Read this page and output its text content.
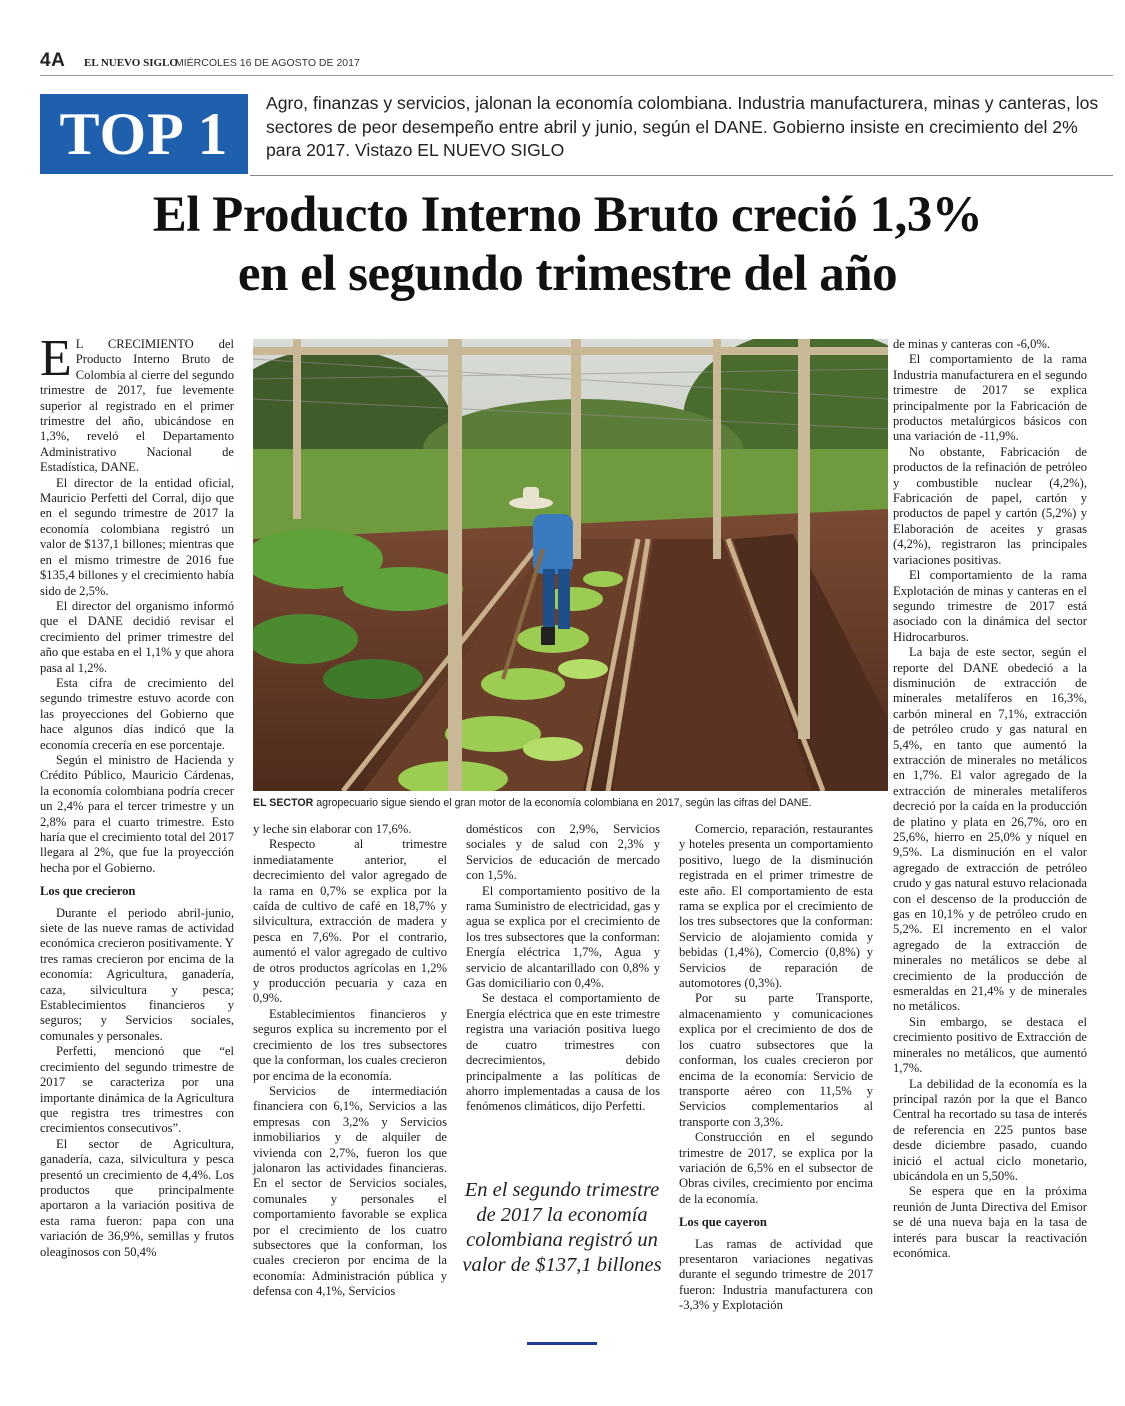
4A EL NUEVO SIGLO
MIÉRCOLES 16 DE AGOSTO DE 2017
TOP 1	Agro, finanzas y servicios, jalonan la economía colombiana. Industria manufacturera, minas y canteras, los sectores de peor desempeño entre abril y junio, según el DANE. Gobierno insiste en crecimiento del 2% para 2017. Vistazo EL NUEVO SIGLO
El Producto Interno Bruto creció 1,3%
en el segundo trimestre del año

E L CRECIMIENTO del Producto Interno Bruto de Colombia al cierre del segundo trimestre de 2017, fue levemente superior al registrado en el primer trimestre del año, ubicándose en 1,3%, reveló el Departamento Administrativo Nacional de Estadística, DANE.

El director de la entidad oficial, Mauricio Perfetti del Corral, dijo que en el segundo trimestre de 2017 la economía colombiana registró un valor de $137,1 billones; mientras que en el mismo trimestre de 2016 fue $135,4 billones y el crecimiento había sido de 2,5%.

El director del organismo informó que el DANE decidió revisar el crecimiento del primer trimestre del año que estaba en el 1,1% y que ahora pasa al 1,2%.

Esta cifra de crecimiento del segundo trimestre estuvo acorde con las proyecciones del Gobierno que hace algunos días indicó que la economía crecería en ese porcentaje.

Según el ministro de Hacienda y Crédito Público, Mauricio Cárdenas, la economía colombiana podría crecer un 2,4% para el tercer trimestre y un 2,8% para el cuarto trimestre. Esto haría que el crecimiento total del 2017 llegara al 2%, que fue la proyección hecha por el Gobierno.

Los que crecieron

Durante el periodo abril-junio, siete de las nueve ramas de actividad económica crecieron positivamente. Y tres ramas crecieron por encima de la economía: Agricultura, ganadería, caza, silvicultura y pesca; Establecimientos financieros y seguros; y Servicios sociales, comunales y personales.

Perfetti, mencionó que “el crecimiento del segundo trimestre de 2017 se caracteriza por una importante dinámica de la Agricultura que registra tres trimestres con crecimientos consecutivos”.

El sector de Agricultura, ganadería, caza, silvicultura y pesca presentó un crecimiento de 4,4%. Los productos que principalmente aportaron a la variación positiva de esta rama fueron: papa con una variación de 36,9%, semillas y frutos oleaginosos con 50,4%

EL SECTOR agropecuario sigue siendo el gran motor de la economía colombiana en 2017, según las cifras del DANE.

y leche sin elaborar con 17,6%.

Respecto al trimestre inmediatamente anterior, el decrecimiento del valor agregado de la rama en 0,7% se explica por la caída de cultivo de café en 18,7% y silvicultura, extracción de madera y pesca en 7,6%. Por el contrario, aumentó el valor agregado de cultivo de otros productos agrícolas en 1,2% y producción pecuaria y caza en 0,9%.

Establecimientos financieros y seguros explica su incremento por el crecimiento de los tres subsectores que la conforman, los cuales crecieron por encima de la economía.

Servicios de intermediación financiera con 6,1%, Servicios a las empresas con 3,2% y Servicios inmobiliarios y de alquiler de vivienda con 2,7%, fueron los que jalonaron las actividades financieras. En el sector de Servicios sociales, comunales y personales el comportamiento favorable se explica por el crecimiento de los cuatro subsectores que la conforman, los cuales crecieron por encima de la economía: Administración pública y defensa con 4,1%, Servicios

domésticos con 2,9%, Servicios sociales y de salud con 2,3% y Servicios de educación de mercado con 1,5%.

El comportamiento positivo de la rama Suministro de electricidad, gas y agua se explica por el crecimiento de los tres subsectores que la conforman: Energía eléctrica 1,7%, Agua y servicio de alcantarillado con 0,8% y Gas domiciliario con 0,4%.

Se destaca el comportamiento de Energía eléctrica que en este trimestre registra una variación positiva luego de cuatro trimestres con decrecimientos, debido principalmente a las políticas de ahorro implementadas a causa de los fenómenos climáticos, dijo Perfetti.

En el segundo trimestre de 2017 la economía colombiana registró un valor de $137,1 billones

Comercio, reparación, restaurantes y hoteles presenta un comportamiento positivo, luego de la disminución registrada en el primer trimestre de este año. El comportamiento de esta rama se explica por el crecimiento de los tres subsectores que la conforman: Servicio de alojamiento comida y bebidas (1,4%), Comercio (0,8%) y Servicios de reparación de automotores (0,3%).

Por su parte Transporte, almacenamiento y comunicaciones explica por el crecimiento de dos de los cuatro subsectores que la conforman, los cuales crecieron por encima de la economía: Servicio de transporte aéreo con 11,5% y Servicios complementarios al transporte con 3,3%.

Construcción en el segundo trimestre de 2017, se explica por la variación de 6,5% en el subsector de Obras civiles, crecimiento por encima de la economía.

Los que cayeron

Las ramas de actividad que presentaron variaciones negativas durante el segundo trimestre de 2017 fueron: Industria manufacturera con -3,3% y Explotación

de minas y canteras con -6,0%.

El comportamiento de la rama Industria manufacturera en el segundo trimestre de 2017 se explica principalmente por la Fabricación de productos metalúrgicos básicos con una variación de -11,9%.

No obstante, Fabricación de productos de la refinación de petróleo y combustible nuclear (4,2%), Fabricación de papel, cartón y productos de papel y cartón (5,2%) y Elaboración de aceites y grasas (4,2%), registraron las principales variaciones positivas.

El comportamiento de la rama Explotación de minas y canteras en el segundo trimestre de 2017 está asociado con la dinámica del sector Hidrocarburos.

La baja de este sector, según el reporte del DANE obedeció a la disminución de extracción de minerales metalíferos en 16,3%, carbón mineral en 7,1%, extracción de petróleo crudo y gas natural en 5,4%, en tanto que aumentó la extracción de minerales no metálicos en 1,7%. El valor agregado de la extracción de minerales metalíferos decreció por la caída en la producción de platino y plata en 26,7%, oro en 25,6%, hierro en 25,0% y níquel en 9,5%. La disminución en el valor agregado de extracción de petróleo crudo y gas natural estuvo relacionada con el descenso de la producción de gas en 10,1% y de petróleo crudo en 5,2%. El incremento en el valor agregado de la extracción de minerales no metálicos se debe al crecimiento de la producción de esmeraldas en 21,4% y de minerales no metálicos.

Sin embargo, se destaca el crecimiento positivo de Extracción de minerales no metálicos, que aumentó 1,7%.

La debilidad de la economía es la principal razón por la que el Banco Central ha recortado su tasa de interés de referencia en 225 puntos base desde diciembre pasado, cuando inició el actual ciclo monetario, ubicándola en un 5,50%.

Se espera que en la próxima reunión de Junta Directiva del Emisor se dé una nueva baja en la tasa de interés para buscar la reactivación económica.
